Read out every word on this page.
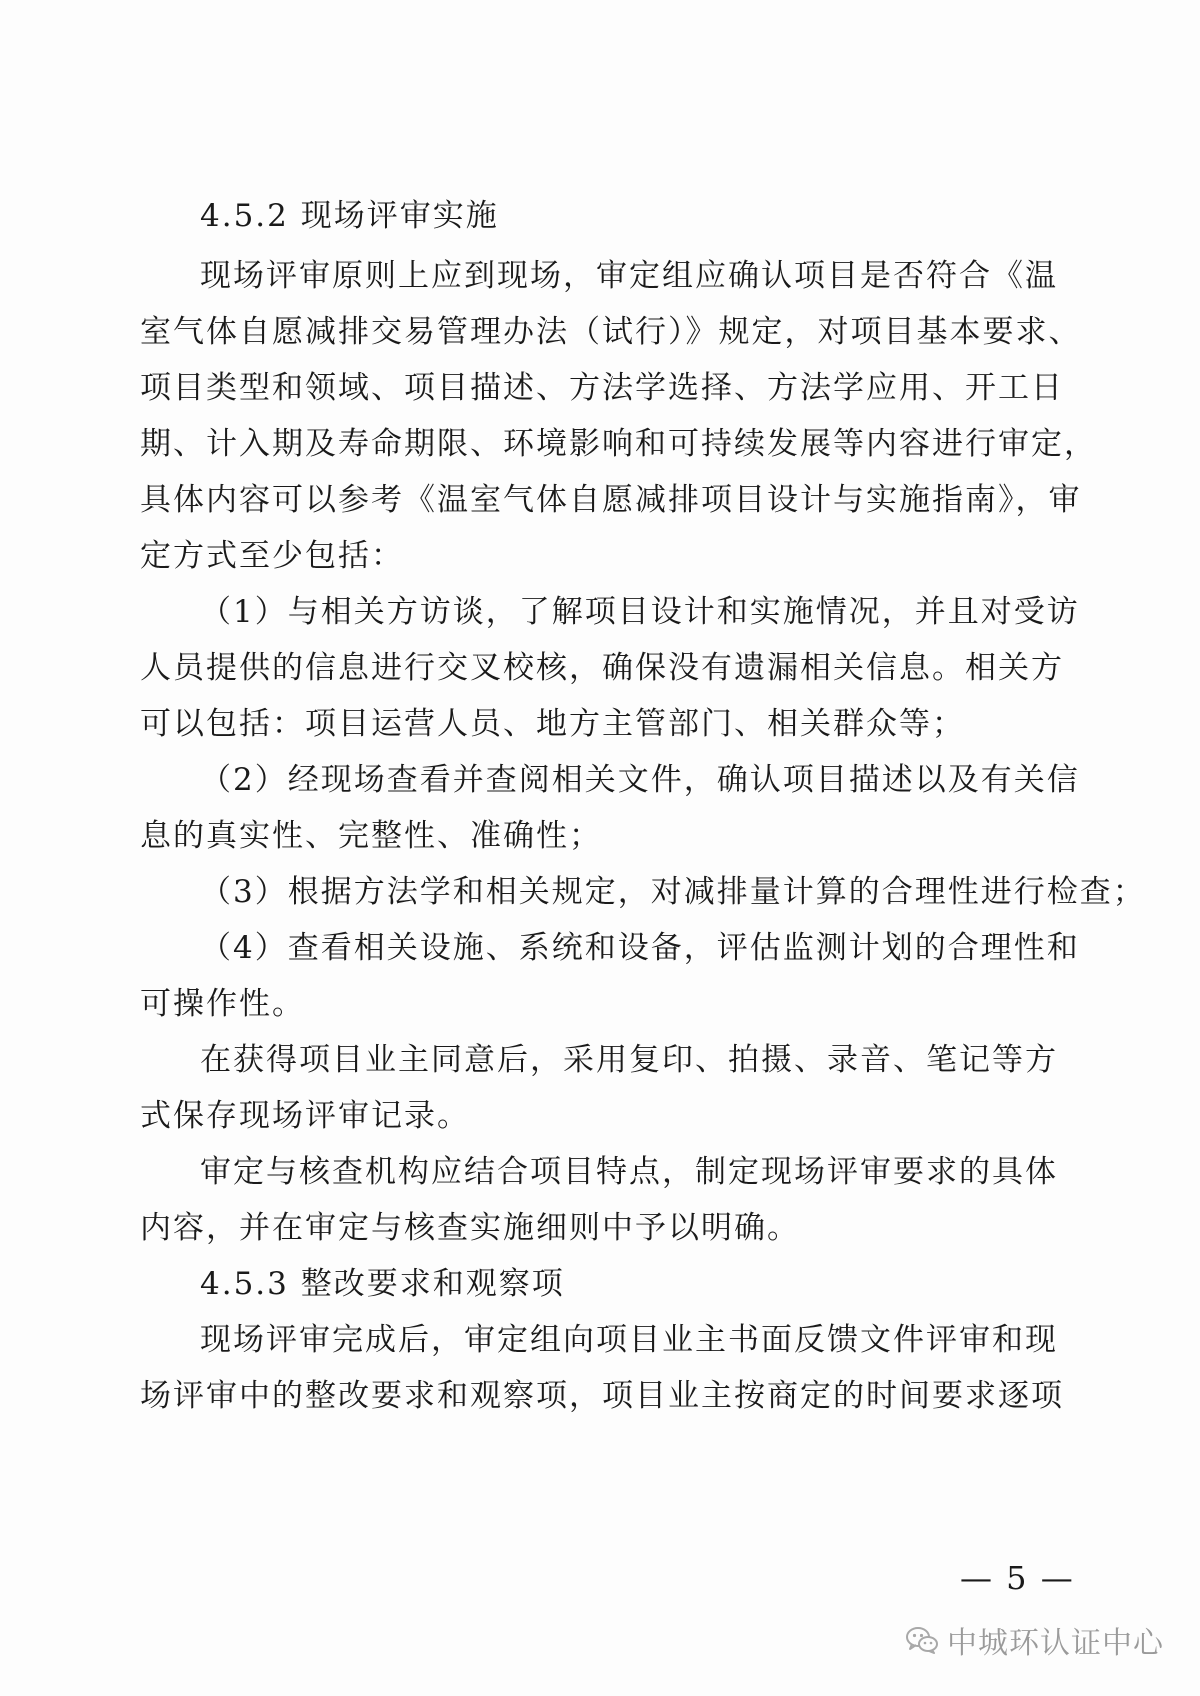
4.5.2 现场评审实施
现场评审原则上应到现场，审定组应确认项目是否符合《温
室气体自愿减排交易管理办法（试行）》规定，对项目基本要求、
项目类型和领域、项目描述、方法学选择、方法学应用、开工日
期、计入期及寿命期限、环境影响和可持续发展等内容进行审定，
具体内容可以参考《温室气体自愿减排项目设计与实施指南》，审
定方式至少包括：
（1）与相关方访谈，了解项目设计和实施情况，并且对受访
人员提供的信息进行交叉校核，确保没有遗漏相关信息。相关方
可以包括：项目运营人员、地方主管部门、相关群众等；
（2）经现场查看并查阅相关文件，确认项目描述以及有关信
息的真实性、完整性、准确性；
（3）根据方法学和相关规定，对减排量计算的合理性进行检查；
（4）查看相关设施、系统和设备，评估监测计划的合理性和
可操作性。
在获得项目业主同意后，采用复印、拍摄、录音、笔记等方
式保存现场评审记录。
审定与核查机构应结合项目特点，制定现场评审要求的具体
内容，并在审定与核查实施细则中予以明确。
4.5.3 整改要求和观察项
现场评审完成后，审定组向项目业主书面反馈文件评审和现
场评审中的整改要求和观察项，项目业主按商定的时间要求逐项
— 5 —
中城环认证中心
